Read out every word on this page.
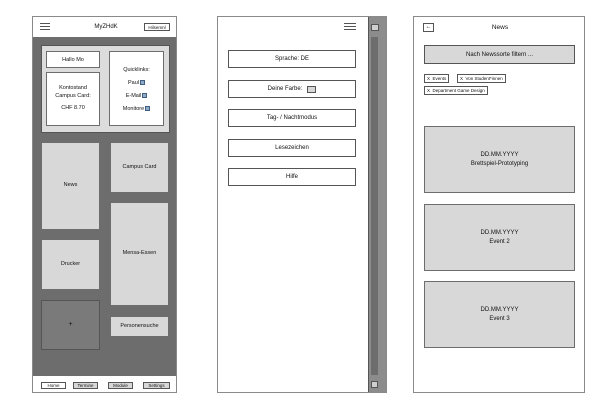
MyZHdK	Hilsemnl
Hallo Mo
Kontostand Campus Card:
CHF 8.70
Quicklinks:
Paul
E-Mail
Monitore
News
Campus Card
Drucker
Mensa-Essen
+	Personensuche
Home	Termine	Module	Settings
Sprache: DE
Deine Farbe:
Tag- / Nachtmodus
Lesezeichen
Hilfe
←	News
Nach Newssorte filtern ...
X Events	X Von Student*innen
X Department Game Design
DD.MM.YYYY
Brettspiel-Prototyping
DD.MM.YYYY
Event 2
DD.MM.YYYY
Event 3
